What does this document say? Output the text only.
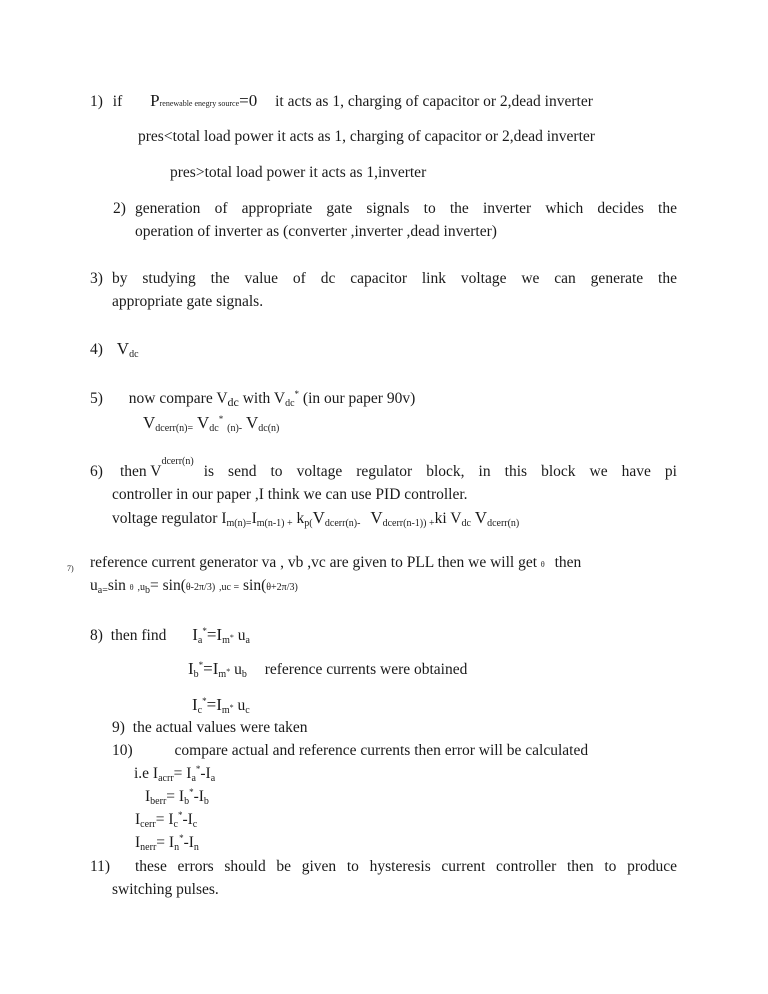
1) if Prenewable enegry source=0 it acts as 1, charging of capacitor or 2,dead inverter
pres<total load power it acts as 1, charging of capacitor or 2,dead inverter
pres>total load power it acts as 1,inverter
2) generation of appropriate gate signals to the inverter which decides the
operation of inverter as (converter ,inverter ,dead inverter)
3) by studying the value of dc capacitor link voltage we can generate the
appropriate gate signals.
4) $V_{dc}$
5) now compare $V_{dc}$ with $V_{dc}^*$ (in our paper 90v)
$V_{dcerr(n)=}$ $V_{dc}^*$ $_{(n)-}$ $V_{dc(n)}$
6) then V
dcerr(n)
is send to voltage regulator block, in this block we have pi
controller in our paper ,I think we can use PID controller.
voltage regulator $I_{m(n)=}I_{m(n-1) +}$ $k_{p(}V_{dcerr(n)-}$ $V_{dcerr(n-1)) +}ki$ $V_{dc}$ $V_{dcerr(n)}$
7) reference current generator va , vb ,vc are given to PLL then we will get θ then
$u_{a=}\sin$ θ $,u_b= \sin(\theta-2\pi/3) ,uc = \sin(\theta+2\pi/3)$
8) then find $I_a^*=I_m*$ $u_a$
$I_b^*=I_m*$ $u_b$ reference currents were obtained
$I_c^*=I_m*$ $u_c$
9) the actual values were taken
10)	compare actual and reference currents then error will be calculated
i.e $I_{acrr}= I_a^*-I_a$
$I_{berr}= I_b^*-I_b$
$I_{cerr}= I_c^*-I_c$
$I_{nerr}= I_n^*-I_n$
11) these errors should be given to hysteresis current controller then to produce
switching pulses.
